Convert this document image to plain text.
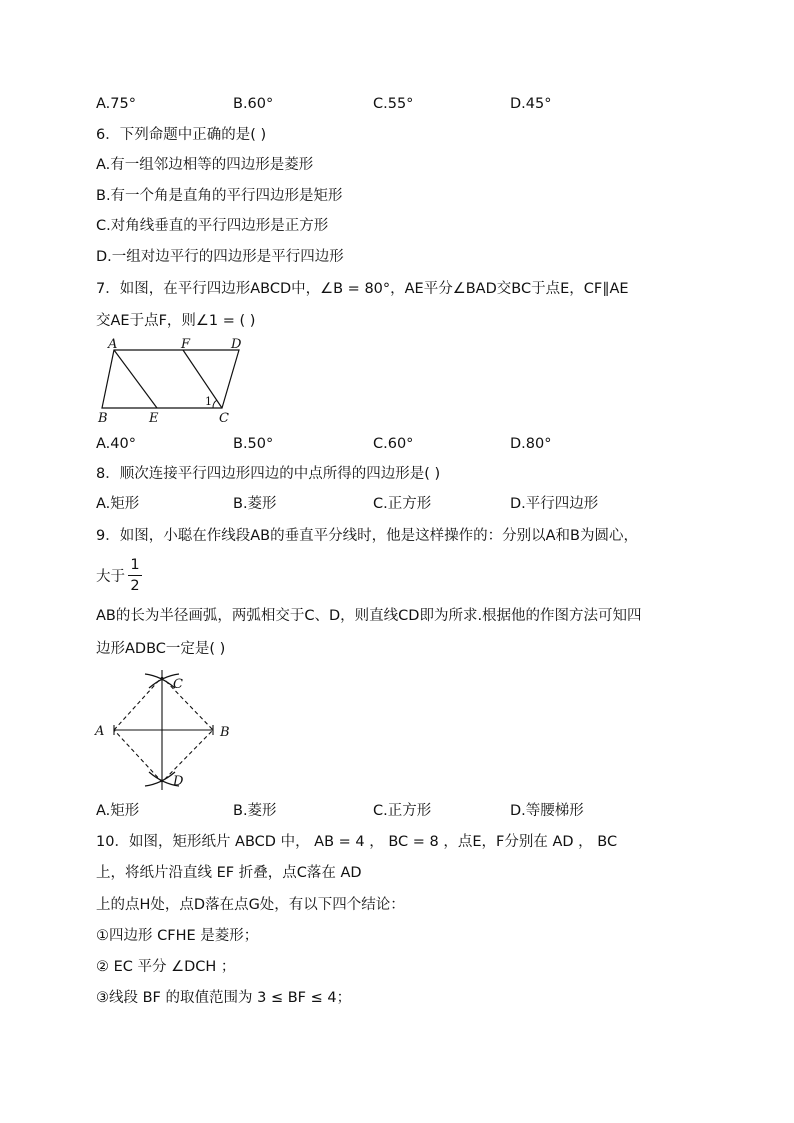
A.75°	B.60°	C.55°	D.45°
6．下列命题中正确的是( )
A.有一组邻边相等的四边形是菱形
B.有一个角是直角的平行四边形是矩形
C.对角线垂直的平行四边形是正方形
D.一组对边平行的四边形是平行四边形
7．如图，在平行四边形ABCD中，∠B = 80°，AE平分∠BAD交BC于点E，CF∥AE
交AE于点F，则∠1 = ( )
A	F	D
B	E	C
1
A.40°	B.50°	C.60°	D.80°
8．顺次连接平行四边形四边的中点所得的四边形是( )
A.矩形	B.菱形	C.正方形	D.平行四边形
9．如图，小聪在作线段AB的垂直平分线时，他是这样操作的：分别以A和B为圆心，
大于
1
2
AB的长为半径画弧，两弧相交于C、D，则直线CD即为所求.根据他的作图方法可知四
边形ADBC一定是( )
C
A	B
D
A.矩形	B.菱形	C.正方形	D.等腰梯形
10．如图，矩形纸片 ABCD 中， AB = 4 ， BC = 8 ，点E，F分别在 AD ， BC
上，将纸片沿直线 EF 折叠，点C落在 AD
上的点H处，点D落在点G处，有以下四个结论：
①四边形 CFHE 是菱形；
② EC 平分 ∠DCH ；
③线段 BF 的取值范围为 3 ≤ BF ≤ 4；
